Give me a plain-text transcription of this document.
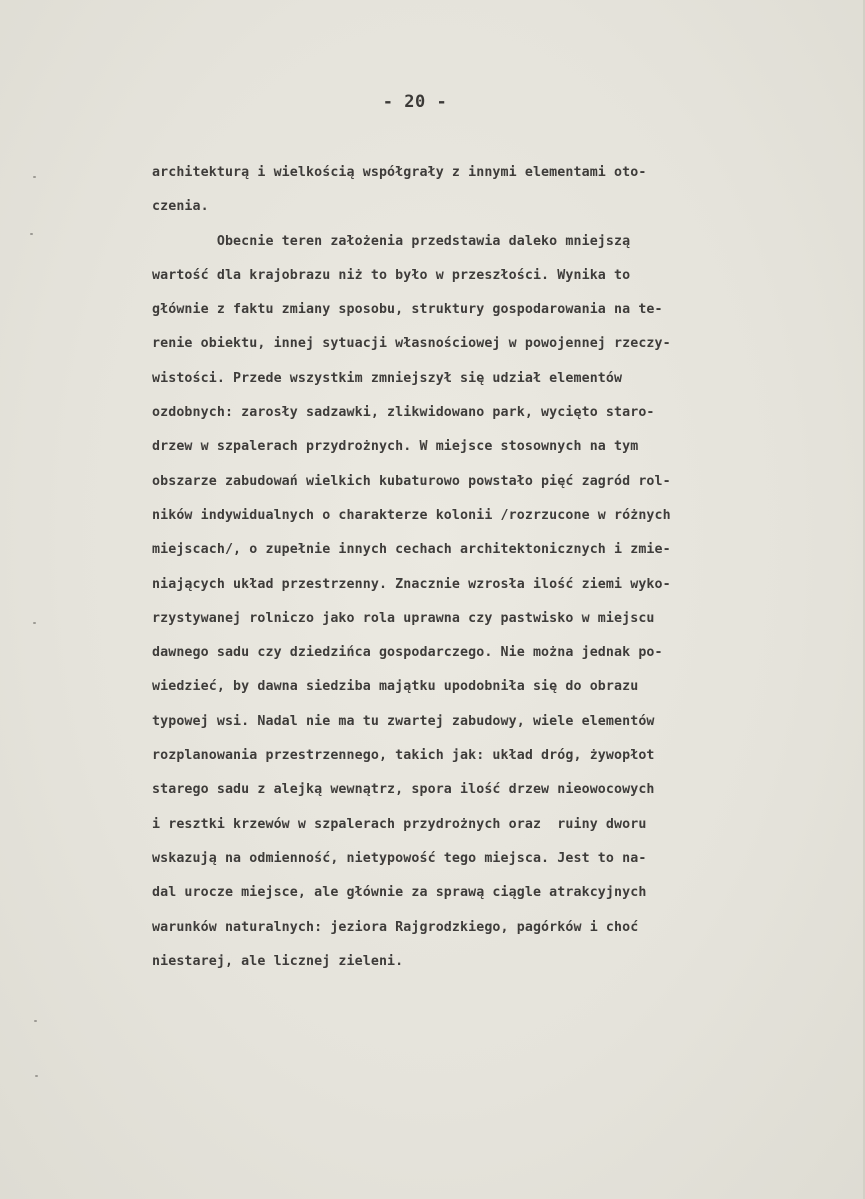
- 20 -
architekturą i wielkością współgrały z innymi elementami oto-
czenia.
Obecnie teren założenia przedstawia daleko mniejszą
wartość dla krajobrazu niż to było w przeszłości. Wynika to
głównie z faktu zmiany sposobu, struktury gospodarowania na te-
renie obiektu, innej sytuacji własnościowej w powojennej rzeczy-
wistości. Przede wszystkim zmniejszył się udział elementów
ozdobnych: zarosły sadzawki, zlikwidowano park, wycięto staro-
drzew w szpalerach przydrożnych. W miejsce stosownych na tym
obszarze zabudowań wielkich kubaturowo powstało pięć zagród rol-
ników indywidualnych o charakterze kolonii /rozrzucone w różnych
miejscach/, o zupełnie innych cechach architektonicznych i zmie-
niających układ przestrzenny. Znacznie wzrosła ilość ziemi wyko-
rzystywanej rolniczo jako rola uprawna czy pastwisko w miejscu
dawnego sadu czy dziedzińca gospodarczego. Nie można jednak po-
wiedzieć, by dawna siedziba majątku upodobniła się do obrazu
typowej wsi. Nadal nie ma tu zwartej zabudowy, wiele elementów
rozplanowania przestrzennego, takich jak: układ dróg, żywopłot
starego sadu z alejką wewnątrz, spora ilość drzew nieowocowych
i resztki krzewów w szpalerach przydrożnych oraz  ruiny dworu
wskazują na odmienność, nietypowość tego miejsca. Jest to na-
dal urocze miejsce, ale głównie za sprawą ciągle atrakcyjnych
warunków naturalnych: jeziora Rajgrodzkiego, pagórków i choć
niestarej, ale licznej zieleni.
